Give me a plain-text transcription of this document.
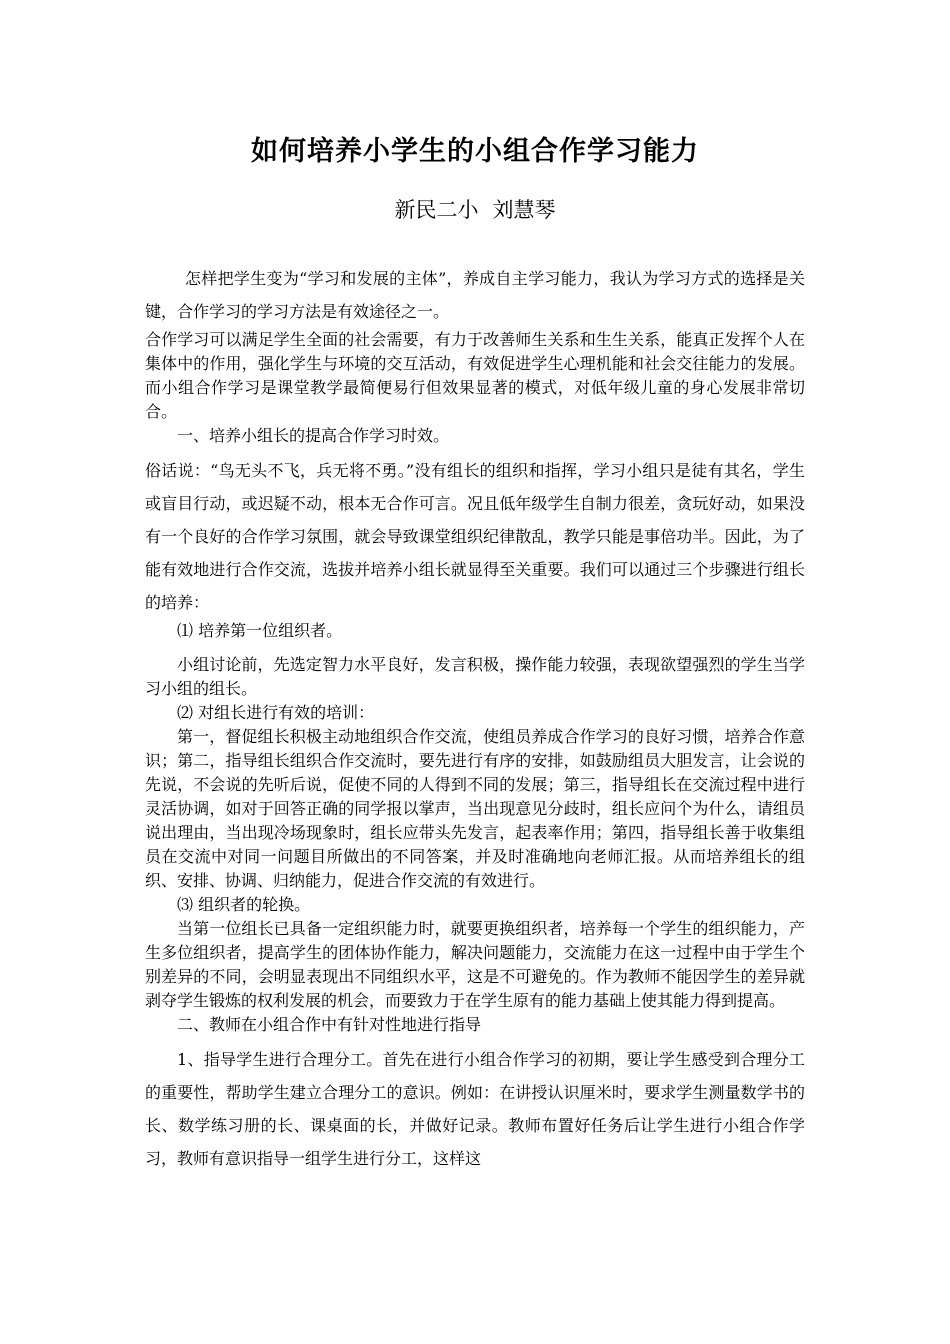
如何培养小学生的小组合作学习能力
新民二小 刘慧琴

怎样把学生变为“学习和发展的主体”，养成自主学习能力，我认为学习方式的选择是关键，合作学习的学习方法是有效途径之一。

合作学习可以满足学生全面的社会需要，有力于改善师生关系和生生关系，能真正发挥个人在集体中的作用，强化学生与环境的交互活动，有效促进学生心理机能和社会交往能力的发展。而小组合作学习是课堂教学最简便易行但效果显著的模式，对低年级儿童的身心发展非常切合。

一、培养小组长的提高合作学习时效。

俗话说：“鸟无头不飞，兵无将不勇。”没有组长的组织和指挥，学习小组只是徒有其名，学生或盲目行动，或迟疑不动，根本无合作可言。况且低年级学生自制力很差，贪玩好动，如果没有一个良好的合作学习氛围，就会导致课堂组织纪律散乱，教学只能是事倍功半。因此，为了能有效地进行合作交流，选拔并培养小组长就显得至关重要。我们可以通过三个步骤进行组长的培养：

⑴ 培养第一位组织者。

小组讨论前，先选定智力水平良好，发言积极，操作能力较强，表现欲望强烈的学生当学习小组的组长。

⑵ 对组长进行有效的培训：

第一，督促组长积极主动地组织合作交流，使组员养成合作学习的良好习惯，培养合作意识；第二，指导组长组织合作交流时，要先进行有序的安排，如鼓励组员大胆发言，让会说的先说，不会说的先听后说，促使不同的人得到不同的发展；第三，指导组长在交流过程中进行灵活协调，如对于回答正确的同学报以掌声，当出现意见分歧时，组长应问个为什么，请组员说出理由，当出现冷场现象时，组长应带头先发言，起表率作用；第四，指导组长善于收集组员在交流中对同一问题目所做出的不同答案，并及时准确地向老师汇报。从而培养组长的组织、安排、协调、归纳能力，促进合作交流的有效进行。

⑶ 组织者的轮换。

当第一位组长已具备一定组织能力时，就要更换组织者，培养每一个学生的组织能力，产生多位组织者，提高学生的团体协作能力，解决问题能力，交流能力在这一过程中由于学生个别差异的不同，会明显表现出不同组织水平，这是不可避免的。作为教师不能因学生的差异就剥夺学生锻炼的权利发展的机会，而要致力于在学生原有的能力基础上使其能力得到提高。

二、教师在小组合作中有针对性地进行指导

1、指导学生进行合理分工。首先在进行小组合作学习的初期，要让学生感受到合理分工的重要性，帮助学生建立合理分工的意识。例如：在讲授认识厘米时，要求学生测量数学书的长、数学练习册的长、课桌面的长，并做好记录。教师布置好任务后让学生进行小组合作学习，教师有意识指导一组学生进行分工，这样这
